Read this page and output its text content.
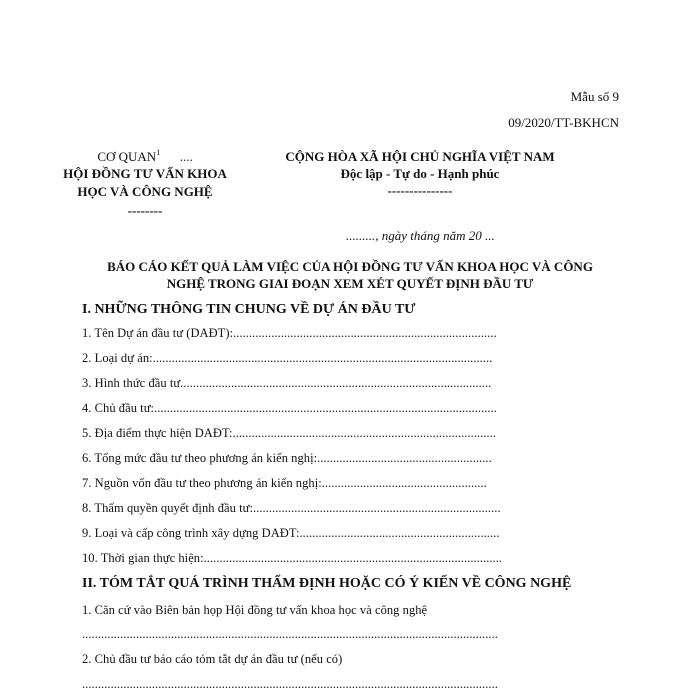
Mẫu số 9
09/2020/TT-BKHCN
CƠ QUAN$^1$ ....
HỘI ĐỒNG TƯ VẤN KHOA
HỌC VÀ CÔNG NGHỆ
--------
CỘNG HÒA XÃ HỘI CHỦ NGHĨA VIỆT NAM
Độc lập - Tự do - Hạnh phúc
---------------
........., ngày tháng năm 20 ...
BÁO CÁO KẾT QUẢ LÀM VIỆC CỦA HỘI ĐỒNG TƯ VẤN KHOA HỌC VÀ CÔNG
NGHỆ TRONG GIAI ĐOẠN XEM XÉT QUYẾT ĐỊNH ĐẦU TƯ
I. NHỮNG THÔNG TIN CHUNG VỀ DỰ ÁN ĐẦU TƯ
1. Tên Dự án đầu tư (DAĐT):...................................................................................
2. Loại dự án:...........................................................................................................
3. Hình thức đầu tư..................................................................................................
4. Chủ đầu tư:............................................................................................................
5. Địa điểm thực hiện DAĐT:...................................................................................
6. Tổng mức đầu tư theo phương án kiến nghị:.......................................................
7. Nguồn vốn đầu tư theo phương án kiến nghị:....................................................
8. Thẩm quyền quyết định đầu tư:..............................................................................
9. Loại và cấp công trình xây dựng DAĐT:...............................................................
10. Thời gian thực hiện:..............................................................................................
II. TÓM TẮT QUÁ TRÌNH THẨM ĐỊNH HOẶC CÓ Ý KIẾN VỀ CÔNG NGHỆ
1. Căn cứ vào Biên bản họp Hội đồng tư vấn khoa học và công nghệ
...................................................................................................................................
2. Chủ đầu tư báo cáo tóm tắt dự án đầu tư (nếu có)
...................................................................................................................................
